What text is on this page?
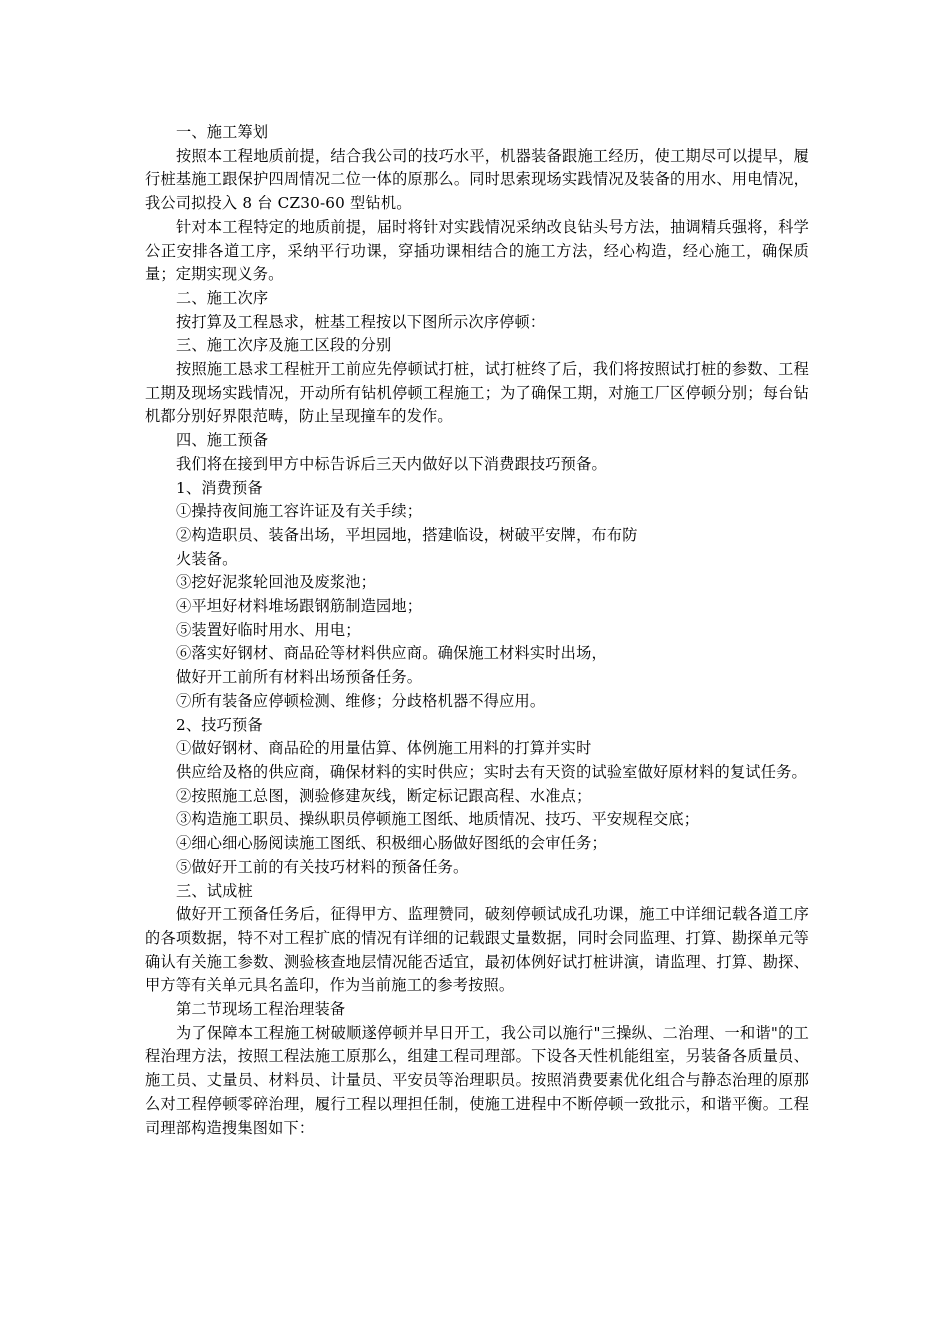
一、施工筹划

按照本工程地质前提，结合我公司的技巧水平，机器装备跟施工经历，使工期尽可以提早，履行桩基施工跟保护四周情况二位一体的原那么。同时思索现场实践情况及装备的用水、用电情况，我公司拟投入 8 台 CZ30-60 型钻机。

针对本工程特定的地质前提，届时将针对实践情况采纳改良钻头号方法，抽调精兵强将，科学公正安排各道工序，采纳平行功课，穿插功课相结合的施工方法，经心构造，经心施工，确保质量；定期实现义务。

二、施工次序

按打算及工程恳求，桩基工程按以下图所示次序停顿：

三、施工次序及施工区段的分别

按照施工恳求工程桩开工前应先停顿试打桩，试打桩终了后，我们将按照试打桩的参数、工程工期及现场实践情况，开动所有钻机停顿工程施工；为了确保工期，对施工厂区停顿分别；每台钻机都分别好界限范畴，防止呈现撞车的发作。

四、施工预备

我们将在接到甲方中标告诉后三天内做好以下消费跟技巧预备。

1、消费预备

①操持夜间施工容许证及有关手续；

②构造职员、装备出场，平坦园地，搭建临设，树破平安牌，布布防

火装备。

③挖好泥浆轮回池及废浆池；

④平坦好材料堆场跟钢筋制造园地；

⑤装置好临时用水、用电；

⑥落实好钢材、商品砼等材料供应商。确保施工材料实时出场，

做好开工前所有材料出场预备任务。

⑦所有装备应停顿检测、维修；分歧格机器不得应用。

2、技巧预备

①做好钢材、商品砼的用量估算、体例施工用料的打算并实时

供应给及格的供应商，确保材料的实时供应；实时去有天资的试验室做好原材料的复试任务。

②按照施工总图，测验修建灰线，断定标记跟高程、水准点；

③构造施工职员、操纵职员停顿施工图纸、地质情况、技巧、平安规程交底；

④细心细心肠阅读施工图纸、积极细心肠做好图纸的会审任务；

⑤做好开工前的有关技巧材料的预备任务。

三、试成桩

做好开工预备任务后，征得甲方、监理赞同，破刻停顿试成孔功课，施工中详细记载各道工序的各项数据，特不对工程扩底的情况有详细的记载跟丈量数据，同时会同监理、打算、勘探单元等确认有关施工参数、测验核查地层情况能否适宜，最初体例好试打桩讲演，请监理、打算、勘探、甲方等有关单元具名盖印，作为当前施工的参考按照。

第二节现场工程治理装备

为了保障本工程施工树破顺遂停顿并早日开工，我公司以施行"三操纵、二治理、一和谐"的工程治理方法，按照工程法施工原那么，组建工程司理部。下设各天性机能组室，另装备各质量员、施工员、丈量员、材料员、计量员、平安员等治理职员。按照消费要素优化组合与静态治理的原那么对工程停顿零碎治理，履行工程以理担任制，使施工进程中不断停顿一致批示，和谐平衡。工程司理部构造搜集图如下：
